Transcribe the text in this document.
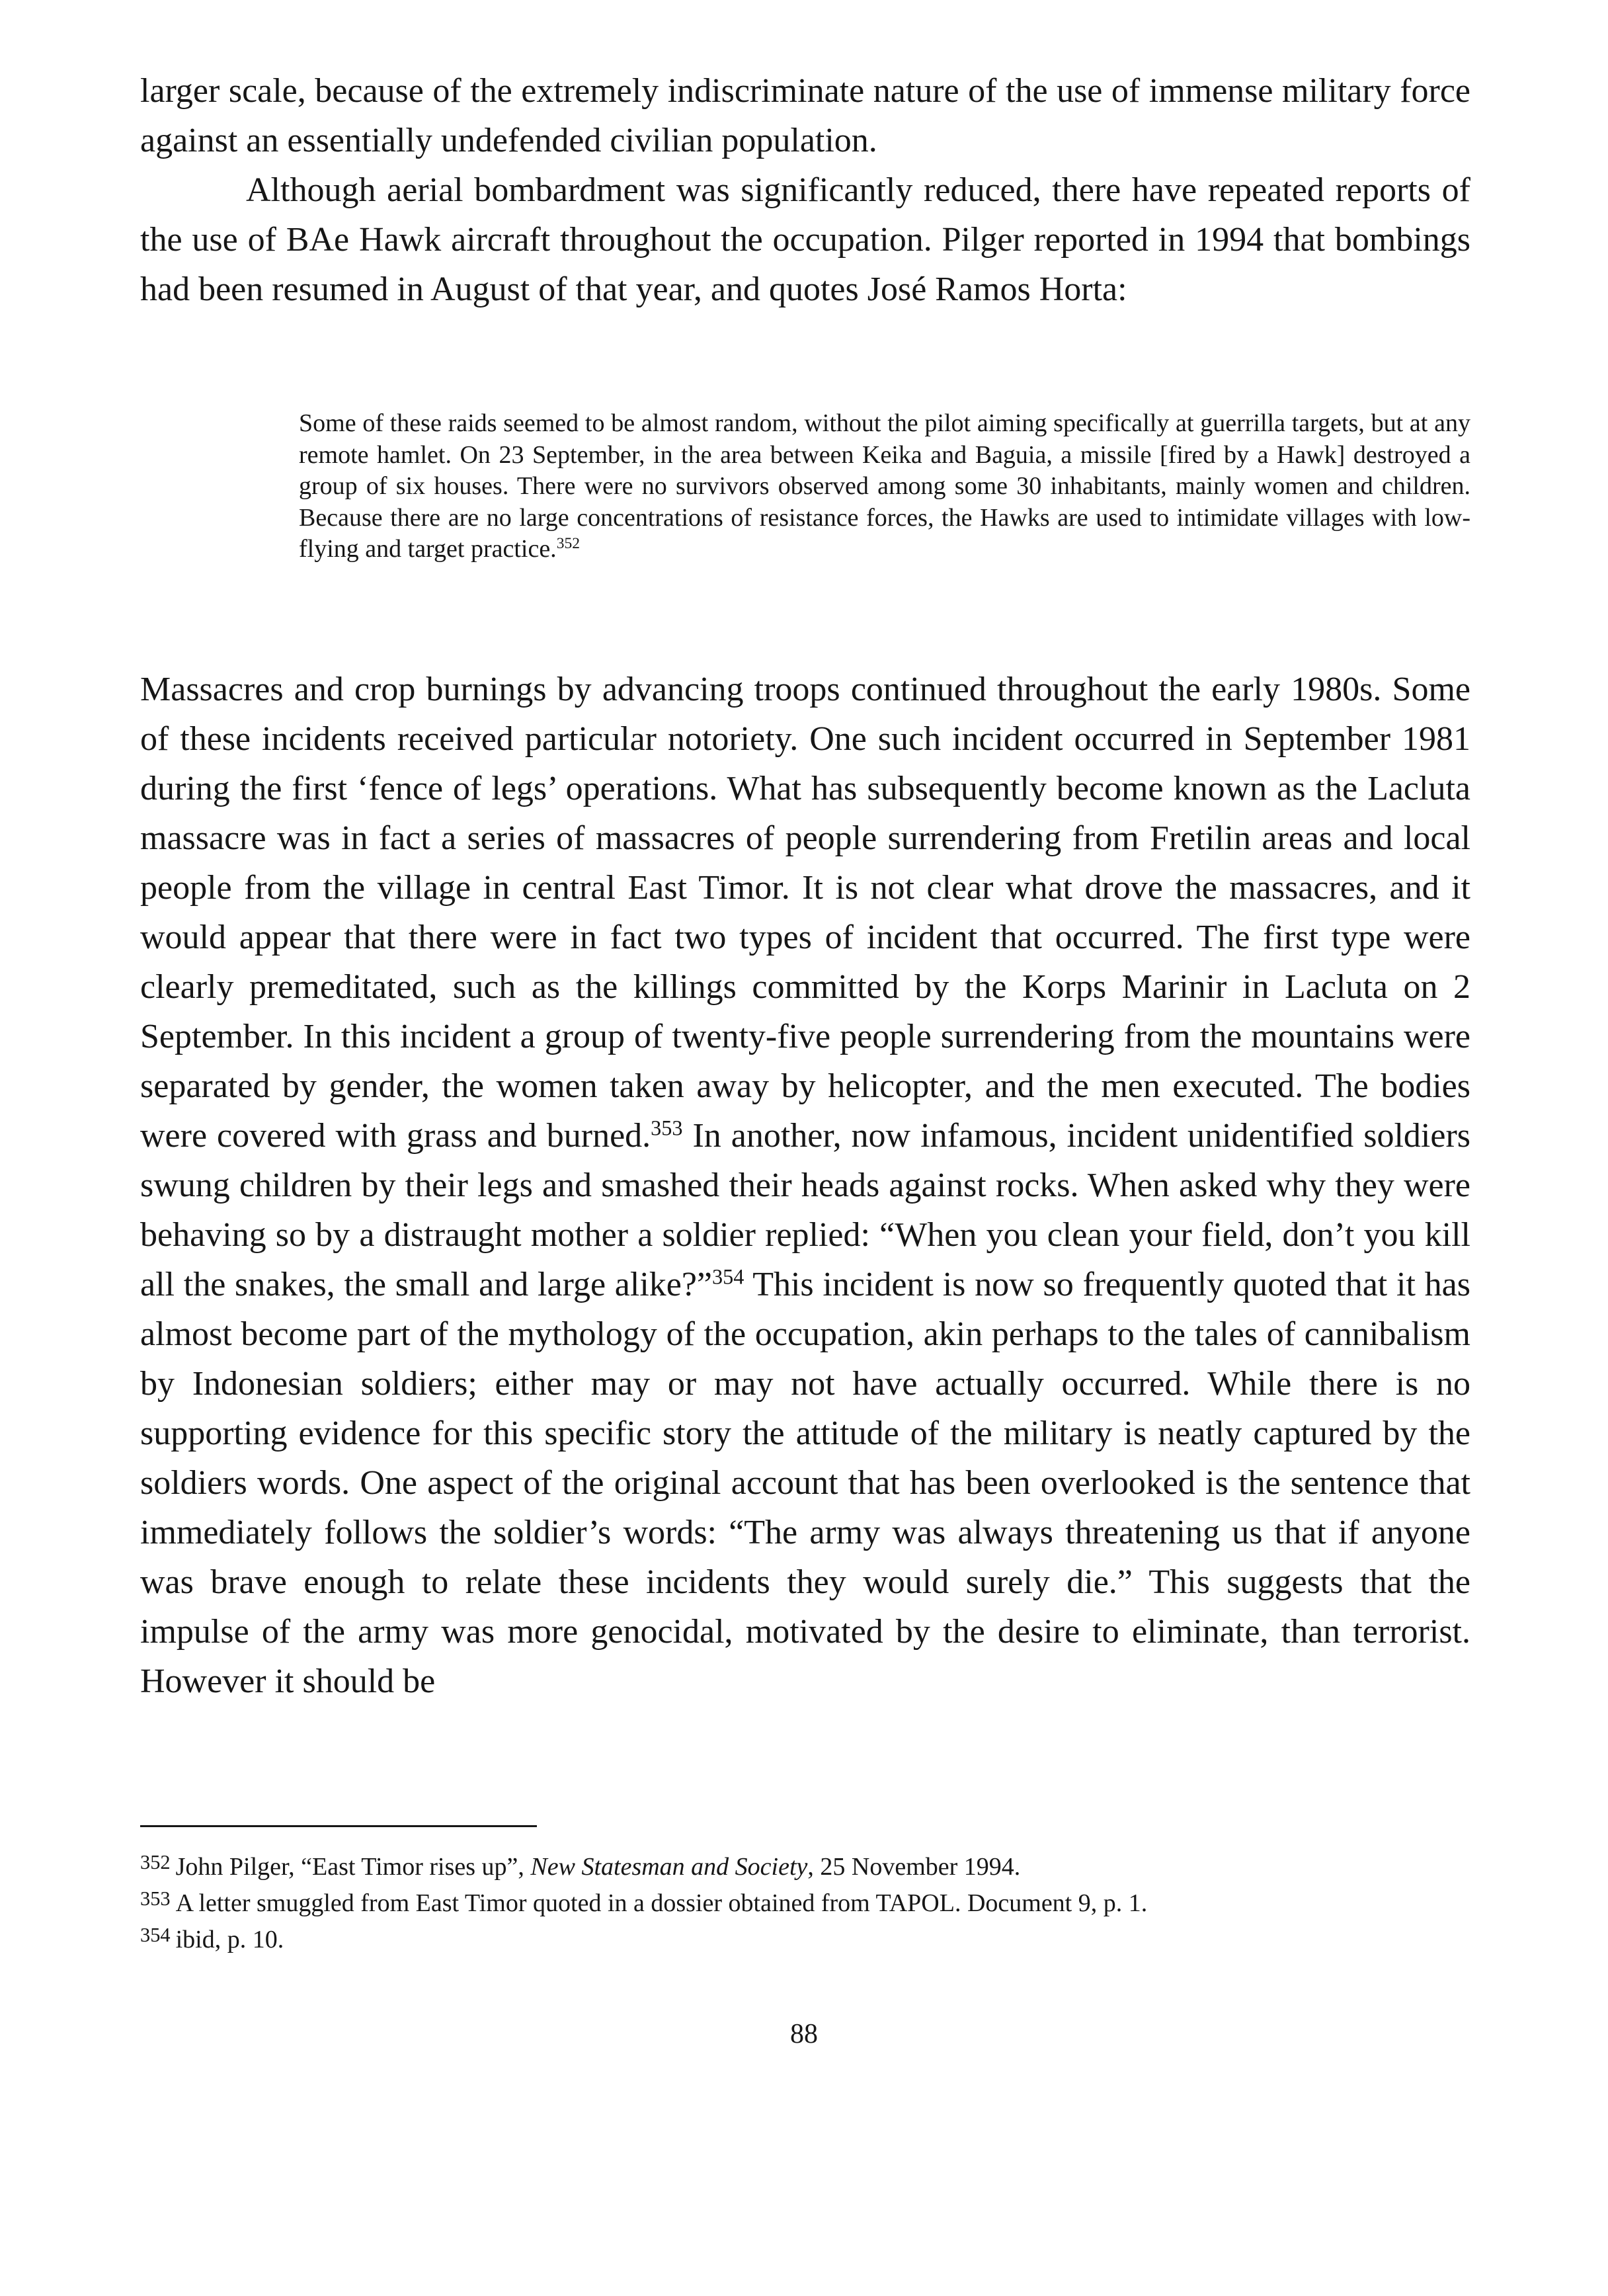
larger scale, because of the extremely indiscriminate nature of the use of immense military force against an essentially undefended civilian population.

Although aerial bombardment was significantly reduced, there have repeated reports of the use of BAe Hawk aircraft throughout the occupation. Pilger reported in 1994 that bombings had been resumed in August of that year, and quotes José Ramos Horta:

Some of these raids seemed to be almost random, without the pilot aiming specifically at guerrilla targets, but at any remote hamlet. On 23 September, in the area between Keika and Baguia, a missile [fired by a Hawk] destroyed a group of six houses. There were no survivors observed among some 30 inhabitants, mainly women and children. Because there are no large concentrations of resistance forces, the Hawks are used to intimidate villages with low-flying and target practice.$^{352}$

Massacres and crop burnings by advancing troops continued throughout the early 1980s. Some of these incidents received particular notoriety. One such incident occurred in September 1981 during the first ‘fence of legs’ operations. What has subsequently become known as the Lacluta massacre was in fact a series of massacres of people surrendering from Fretilin areas and local people from the village in central East Timor. It is not clear what drove the massacres, and it would appear that there were in fact two types of incident that occurred. The first type were clearly premeditated, such as the killings committed by the Korps Marinir in Lacluta on 2 September. In this incident a group of twenty-five people surrendering from the mountains were separated by gender, the women taken away by helicopter, and the men executed. The bodies were covered with grass and burned.$^{353}$ In another, now infamous, incident unidentified soldiers swung children by their legs and smashed their heads against rocks. When asked why they were behaving so by a distraught mother a soldier replied: “When you clean your field, don’t you kill all the snakes, the small and large alike?”$^{354}$ This incident is now so frequently quoted that it has almost become part of the mythology of the occupation, akin perhaps to the tales of cannibalism by Indonesian soldiers; either may or may not have actually occurred. While there is no supporting evidence for this specific story the attitude of the military is neatly captured by the soldiers words. One aspect of the original account that has been overlooked is the sentence that immediately follows the soldier’s words: “The army was always threatening us that if anyone was brave enough to relate these incidents they would surely die.” This suggests that the impulse of the army was more genocidal, motivated by the desire to eliminate, than terrorist. However it should be

$^{352}$ John Pilger, “East Timor rises up”, New Statesman and Society, 25 November 1994.

$^{353}$ A letter smuggled from East Timor quoted in a dossier obtained from TAPOL. Document 9, p. 1.

$^{354}$ ibid, p. 10.

88
